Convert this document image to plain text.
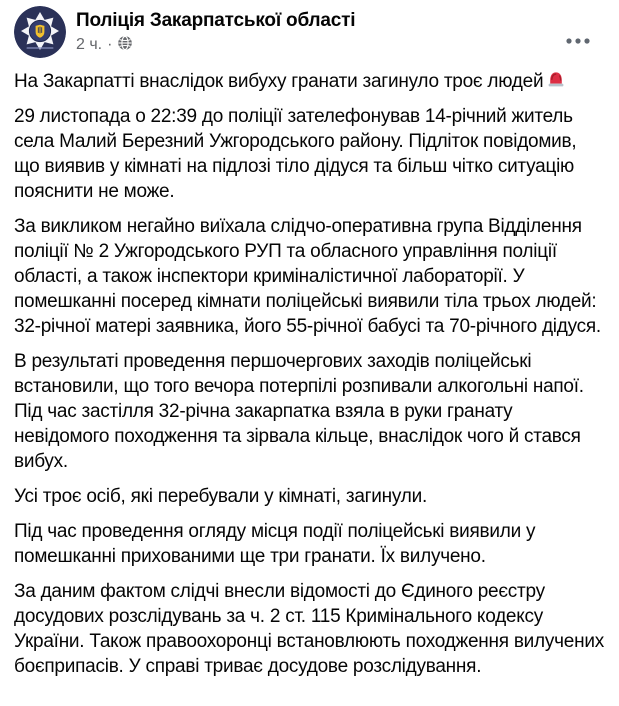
Поліція Закарпатської області
2 ч. ·

На Закарпатті внаслідок вибуху гранати загинуло троє людей

29 листопада о 22:39 до поліції зателефонував 14-річний житель села Малий Березний Ужгородського району. Підліток повідомив, що виявив у кімнаті на підлозі тіло дідуся та більш чітко ситуацію пояснити не може.

За викликом негайно виїхала слідчо-оперативна група Відділення поліції № 2 Ужгородського РУП та обласного управління поліції області, а також інспектори криміналістичної лабораторії. У помешканні посеред кімнати поліцейські виявили тіла трьох людей: 32-річної матері заявника, його 55-річної бабусі та 70-річного дідуся.

В результаті проведення першочергових заходів поліцейські встановили, що того вечора потерпілі розпивали алкогольні напої. Під час застілля 32-річна закарпатка взяла в руки гранату невідомого походження та зірвала кільце, внаслідок чого й стався вибух.

Усі троє осіб, які перебували у кімнаті, загинули.

Під час проведення огляду місця події поліцейські виявили у помешканні прихованими ще три гранати. Їх вилучено.

За даним фактом слідчі внесли відомості до Єдиного реєстру досудових розслідувань за ч. 2 ст. 115 Кримінального кодексу України. Також правоохоронці встановлюють походження вилучених боєприпасів. У справі триває досудове розслідування.
